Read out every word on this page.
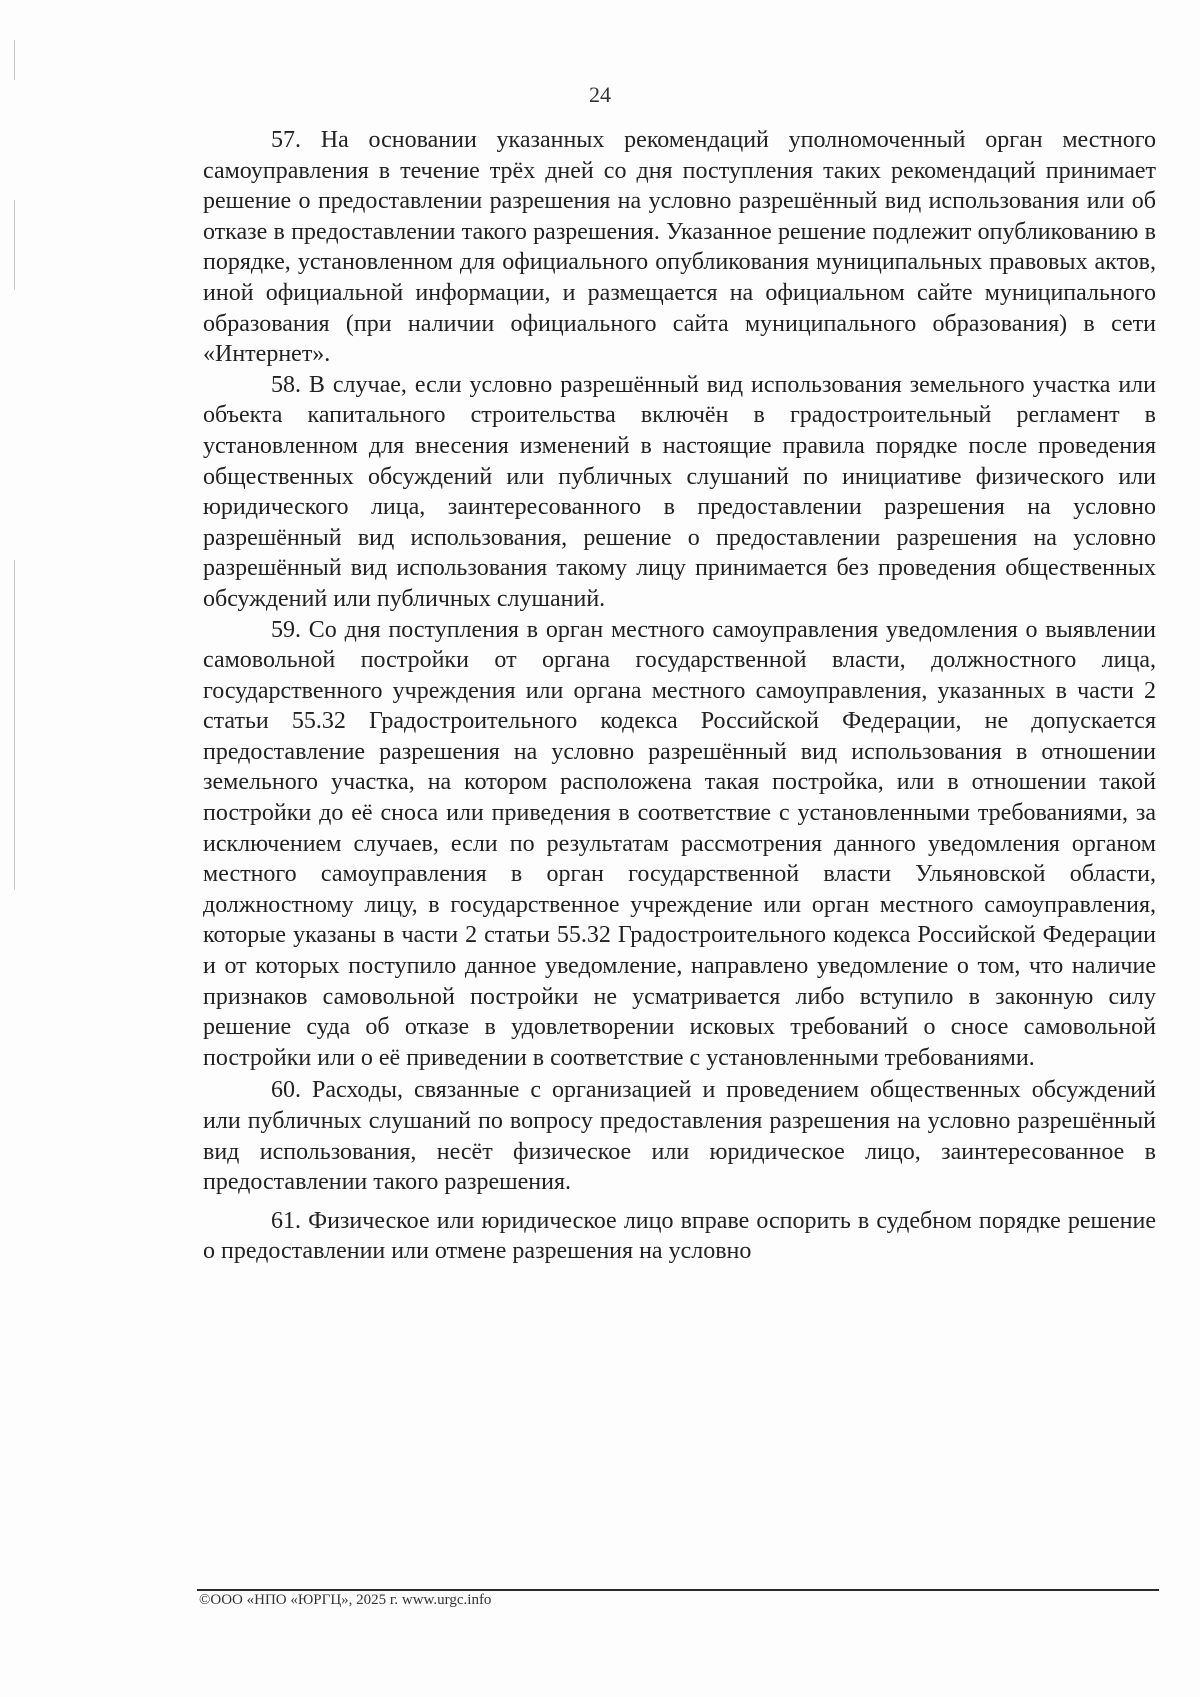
24

57. На основании указанных рекомендаций уполномоченный орган местного самоуправления в течение трёх дней со дня поступления таких рекомендаций принимает решение о предоставлении разрешения на условно разрешённый вид использования или об отказе в предоставлении такого разрешения. Указанное решение подлежит опубликованию в порядке, установленном для официального опубликования муниципальных правовых актов, иной официальной информации, и размещается на официальном сайте муниципального образования (при наличии официального сайта муниципального образования) в сети «Интернет».

58. В случае, если условно разрешённый вид использования земельного участка или объекта капитального строительства включён в градостроительный регламент в установленном для внесения изменений в настоящие правила порядке после проведения общественных обсуждений или публичных слушаний по инициативе физического или юридического лица, заинтересованного в предоставлении разрешения на условно разрешённый вид использования, решение о предоставлении разрешения на условно разрешённый вид использования такому лицу принимается без проведения общественных обсуждений или публичных слушаний.

59. Со дня поступления в орган местного самоуправления уведомления о выявлении самовольной постройки от органа государственной власти, должностного лица, государственного учреждения или органа местного самоуправления, указанных в части 2 статьи 55.32 Градостроительного кодекса Российской Федерации, не допускается предоставление разрешения на условно разрешённый вид использования в отношении земельного участка, на котором расположена такая постройка, или в отношении такой постройки до её сноса или приведения в соответствие с установленными требованиями, за исключением случаев, если по результатам рассмотрения данного уведомления органом местного самоуправления в орган государственной власти Ульяновской области, должностному лицу, в государственное учреждение или орган местного самоуправления, которые указаны в части 2 статьи 55.32 Градостроительного кодекса Российской Федерации и от которых поступило данное уведомление, направлено уведомление о том, что наличие признаков самовольной постройки не усматривается либо вступило в законную силу решение суда об отказе в удовлетворении исковых требований о сносе самовольной постройки или о её приведении в соответствие с установленными требованиями.

60. Расходы, связанные с организацией и проведением общественных обсуждений или публичных слушаний по вопросу предоставления разрешения на условно разрешённый вид использования, несёт физическое или юридическое лицо, заинтересованное в предоставлении такого разрешения.

61. Физическое или юридическое лицо вправе оспорить в судебном порядке решение о предоставлении или отмене разрешения на условно

©ООО «НПО «ЮРГЦ», 2025 г. www.urgc.info
